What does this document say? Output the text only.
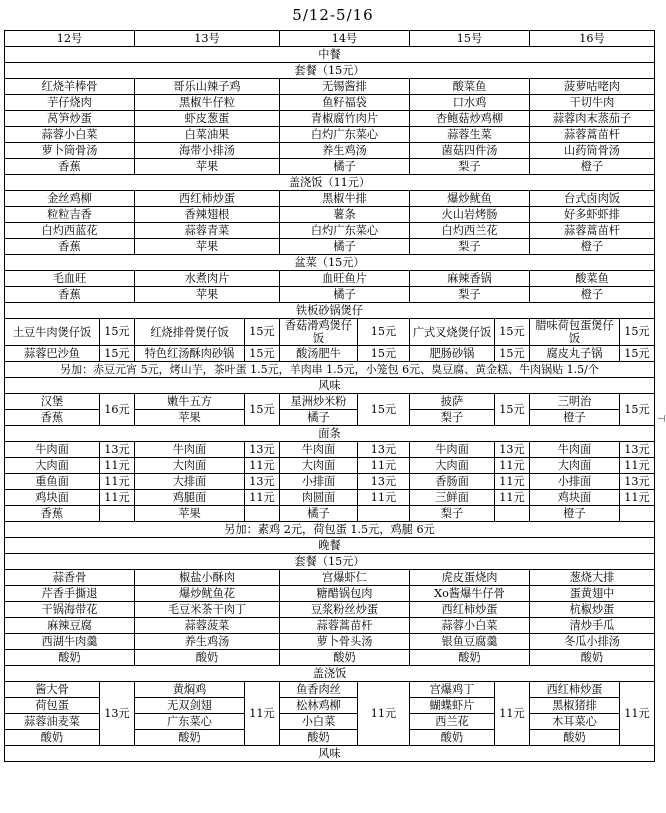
5/12-5/16
12号		13号		14号		15号		16号	
中餐									
套餐（15元）									
红烧羊棒骨		哥乐山辣子鸡		无锡酱排		酸菜鱼		菠萝咕咾肉	
芋仔烧肉		黑椒牛仔粒		鱼籽福袋		口水鸡		干切牛肉	
莴笋炒蛋		虾皮葱蛋		青椒腐竹肉片		杏鲍菇炒鸡柳		蒜蓉肉末蒸茄子	
蒜蓉小白菜		白菜油果		白灼广东菜心		蒜蓉生菜		蒜蓉蒿苗杆	
萝卜筒骨汤		海带小排汤		养生鸡汤		菌菇四件汤		山药筒骨汤	
香蕉		苹果		橘子		梨子		橙子	
盖浇饭（11元）									
金丝鸡柳		西红柿炒蛋		黑椒牛排		爆炒鱿鱼		台式卤肉饭	
粒粒吉香		香辣翅根		薯条		火山岩烤肠		好多虾虾排	
白灼西蓝花		蒜蓉青菜		白灼广东菜心		白灼西兰花		蒜蓉蒿苗杆	
香蕉		苹果		橘子		梨子		橙子	
盆菜（15元）									
毛血旺		水煮肉片		血旺鱼片		麻辣香锅		酸菜鱼	
香蕉		苹果		橘子		梨子		橙子	
铁板砂锅煲仔									
土豆牛肉煲仔饭	15元	红烧排骨煲仔饭	15元	香菇滑鸡煲仔饭	15元	广式叉烧煲仔饭	15元	腊味荷包蛋煲仔饭	15元
蒜蓉巴沙鱼	15元	特色红汤酥肉砂锅	15元	酸汤肥牛	15元	肥肠砂锅	15元	腐皮丸子锅	15元
另加：赤豆元宵 5元，烤山芋，茶叶蛋 1.5元，羊肉串 1.5元，小笼包 6元、臭豆腐、黄金糕、牛肉锅贴 1.5/个									
风味									
汉堡	16元	嫩牛五方	15元	星洲炒米粉	15元	披萨	15元	三明治	15元
香蕉		苹果		橘子		梨子		橙子	
面条									
牛肉面	13元	牛肉面	13元	牛肉面	13元	牛肉面	13元	牛肉面	13元
大肉面	11元	大肉面	11元	大肉面	11元	大肉面	11元	大肉面	11元
重鱼面	11元	大排面	13元	小排面	13元	香肠面	11元	小排面	13元
鸡块面	11元	鸡腿面	11元	肉圆面	11元	三鲜面	11元	鸡块面	11元
香蕉		苹果		橘子		梨子		橙子	
另加：素鸡 2元，荷包蛋 1.5元，鸡腿 6元									
晚餐									
套餐（15元）									
蒜香骨		椒盐小酥肉		宫爆虾仁		虎皮蛋烧肉		葱烧大排	
芹香手撕退		爆炒鱿鱼花		糖醋锅包肉		Xo酱爆牛仔骨		蛋黄翅中	
干锅海带花		毛豆米茶干肉丁		豆浆粉丝炒蛋		西红柿炒蛋		杭椒炒蛋	
麻辣豆腐		蒜蓉菠菜		蒜蓉蒿苗杆		蒜蓉小白菜		清炒手瓜	
西湖牛肉羹		养生鸡汤		萝卜骨头汤		银鱼豆腐羹		冬瓜小排汤	
酸奶		酸奶		酸奶		酸奶		酸奶	
盖浇饭									
酱大骨	13元	黄焖鸡	11元	鱼香肉丝	11元	宫爆鸡丁	11元	西红柿炒蛋	11元
荷包蛋		无双剑翅		松林鸡柳		蝴蝶虾片		黑椒猪排	
蒜蓉油麦菜		广东菜心		小白菜		西兰花		木耳菜心	
酸奶		酸奶		酸奶		酸奶		酸奶	
风味									
⊣
